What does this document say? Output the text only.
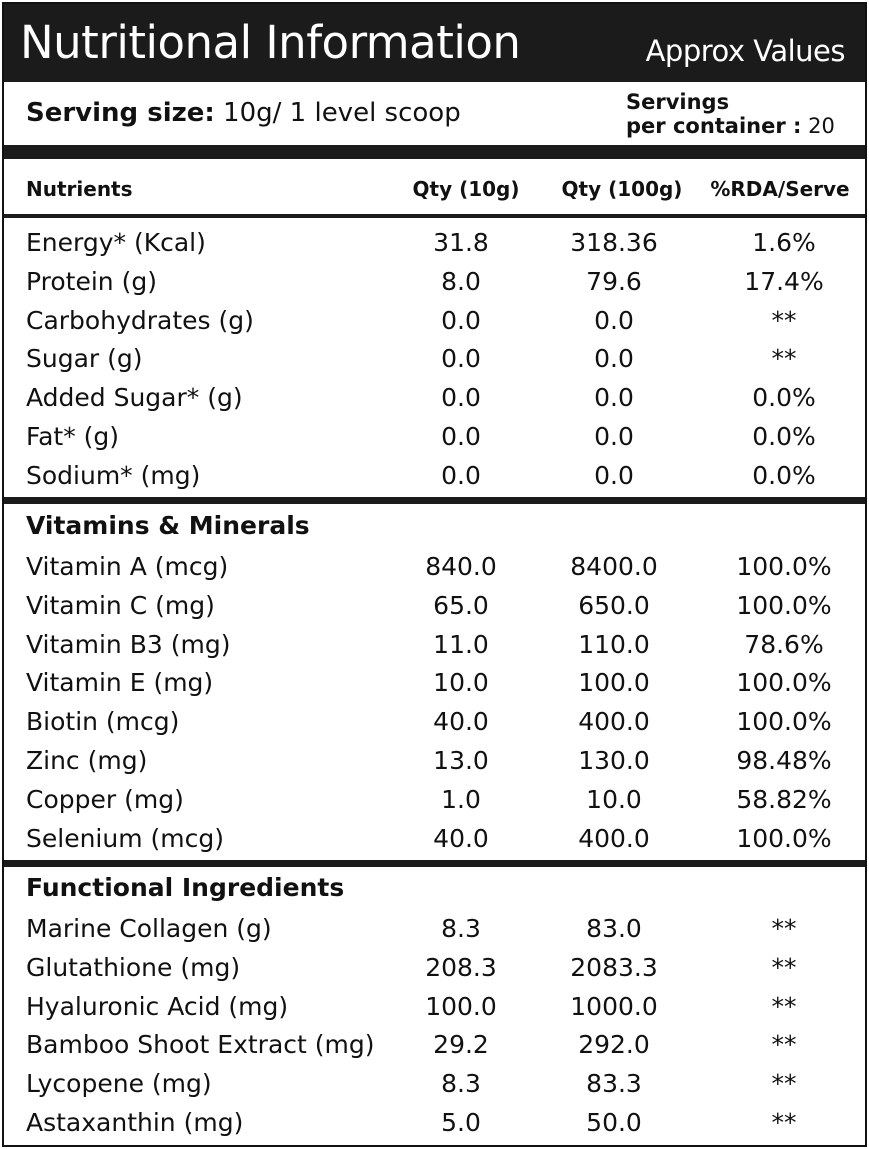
Nutritional Information	Approx Values
Serving size: 10g/ 1 level scoop	Servings
per container : 20
Nutrients	Qty (10g) Qty (100g) %RDA/Serve
Energy* (Kcal)	31.8	318.36	1.6%
Protein (g)	8.0	79.6	17.4%
Carbohydrates (g)	0.0	0.0	**
Sugar (g)	0.0	0.0	**
Added Sugar* (g)	0.0	0.0	0.0%
Fat* (g)	0.0	0.0	0.0%
Sodium* (mg)	0.0	0.0	0.0%
Vitamins & Minerals
Vitamin A (mcg)	840.0	8400.0	100.0%
Vitamin C (mg)	65.0	650.0	100.0%
Vitamin B3 (mg)	11.0	110.0	78.6%
Vitamin E (mg)	10.0	100.0	100.0%
Biotin (mcg)	40.0	400.0	100.0%
Zinc (mg)	13.0	130.0	98.48%
Copper (mg)	1.0	10.0	58.82%
Selenium (mcg)	40.0	400.0	100.0%
Functional Ingredients
Marine Collagen (g)	8.3	83.0	**
Glutathione (mg)	208.3	2083.3	**
Hyaluronic Acid (mg)	100.0	1000.0	**
Bamboo Shoot Extract (mg) 29.2	292.0	**
Lycopene (mg)	8.3	83.3	**
Astaxanthin (mg)	5.0	50.0	**
